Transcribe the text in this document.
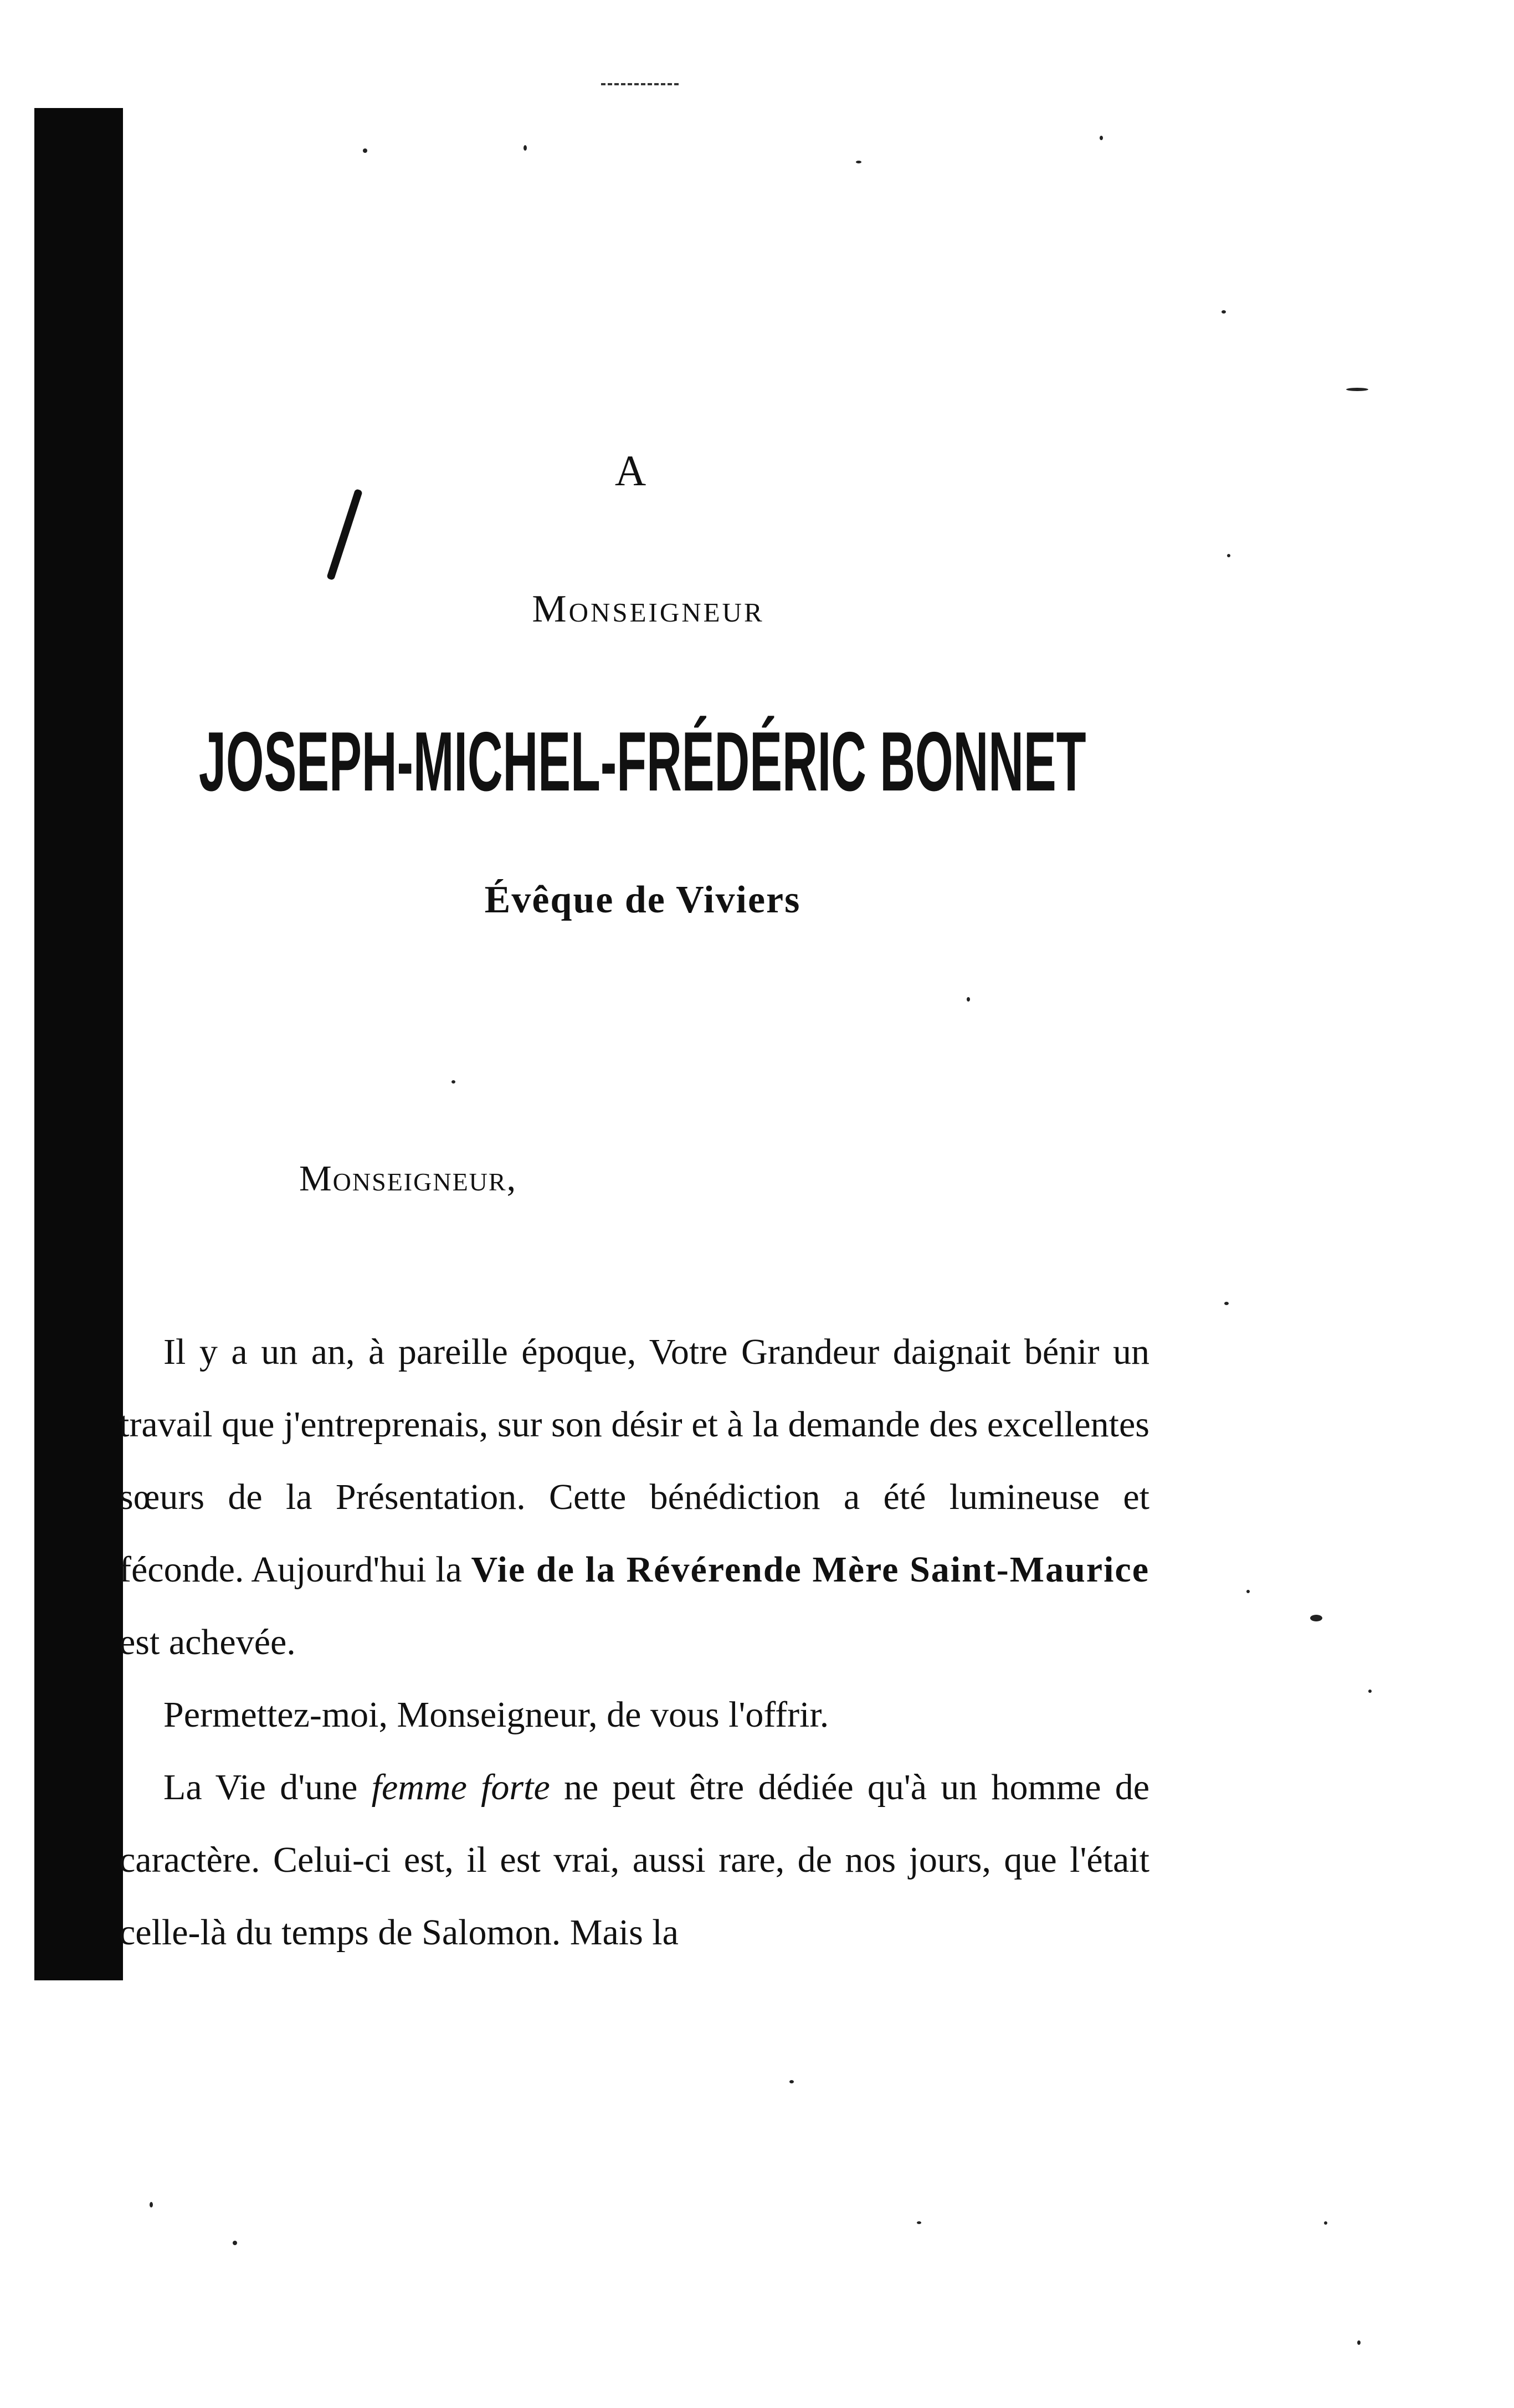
A
Monseigneur
JOSEPH-MICHEL-FRÉDÉRIC BONNET
Évêque de Viviers
Monseigneur,

Il y a un an, à pareille époque, Votre Grandeur daignait bénir un travail que j'entreprenais, sur son désir et à la demande des excellentes sœurs de la Présentation. Cette bénédiction a été lumineuse et féconde. Aujourd'hui la Vie de la Révérende Mère Saint-Maurice est achevée.

Permettez-moi, Monseigneur, de vous l'offrir.

La Vie d'une femme forte ne peut être dédiée qu'à un homme de caractère. Celui-ci est, il est vrai, aussi rare, de nos jours, que l'était celle-là du temps de Salomon. Mais la
